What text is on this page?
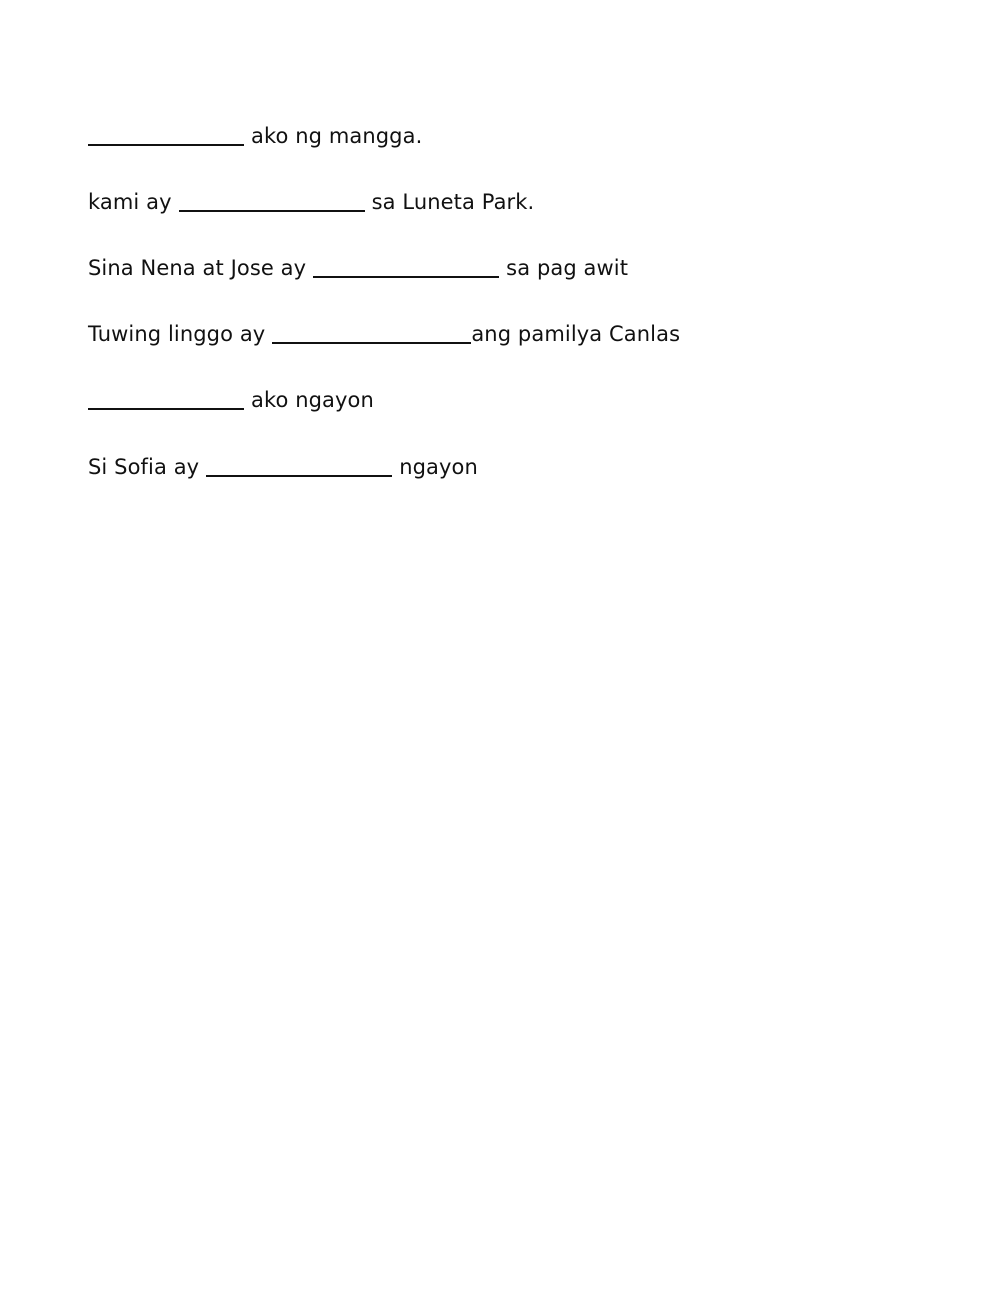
ako ng mangga.
kami ay	sa Luneta Park.
Sina Nena at Jose ay	sa pag awit
Tuwing linggo ay	ang pamilya Canlas
ako ngayon
Si Sofia ay	ngayon
